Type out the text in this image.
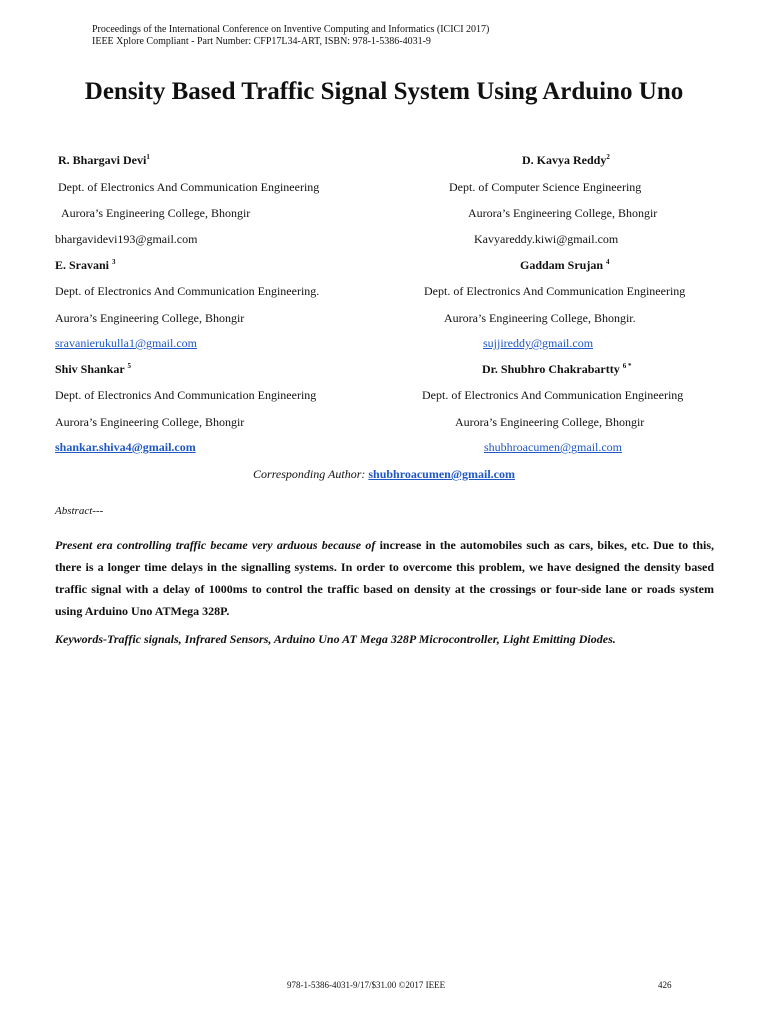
Proceedings of the International Conference on Inventive Computing and Informatics (ICICI 2017)
IEEE Xplore Compliant - Part Number: CFP17L34-ART, ISBN: 978-1-5386-4031-9
Density Based Traffic Signal System Using Arduino Uno
R. Bhargavi Devi$^1$
Dept. of Electronics And Communication Engineering
Aurora’s Engineering College, Bhongir
bhargavidevi193@gmail.com
D. Kavya Reddy$^2$
Dept. of Computer Science Engineering
Aurora’s Engineering College, Bhongir
Kavyareddy.kiwi@gmail.com
E. Sravani $^3$
Dept. of Electronics And Communication Engineering.
Aurora’s Engineering College, Bhongir
sravanierukulla1@gmail.com
Gaddam Srujan $^4$
Dept. of Electronics And Communication Engineering
Aurora’s Engineering College, Bhongir.
sujjireddy@gmail.com
Shiv Shankar $^5$
Dept. of Electronics And Communication Engineering
Aurora’s Engineering College, Bhongir
shankar.shiva4@gmail.com
Dr. Shubhro Chakrabartty $^{6 *}$
Dept. of Electronics And Communication Engineering
Aurora’s Engineering College, Bhongir
shubhroacumen@gmail.com
Corresponding Author: shubhroacumen@gmail.com
Abstract---
Present era controlling traffic became very arduous because of increase in the automobiles such as cars, bikes, etc. Due to this, there is a longer time delays in the signalling systems. In order to overcome this problem, we have designed the density based traffic signal with a delay of 1000ms to control the traffic based on density at the crossings or four-side lane or roads system using Arduino Uno ATMega 328P.
Keywords-Traffic signals, Infrared Sensors, Arduino Uno AT Mega 328P Microcontroller, Light Emitting Diodes.
978-1-5386-4031-9/17/$31.00 ©2017 IEEE	426
